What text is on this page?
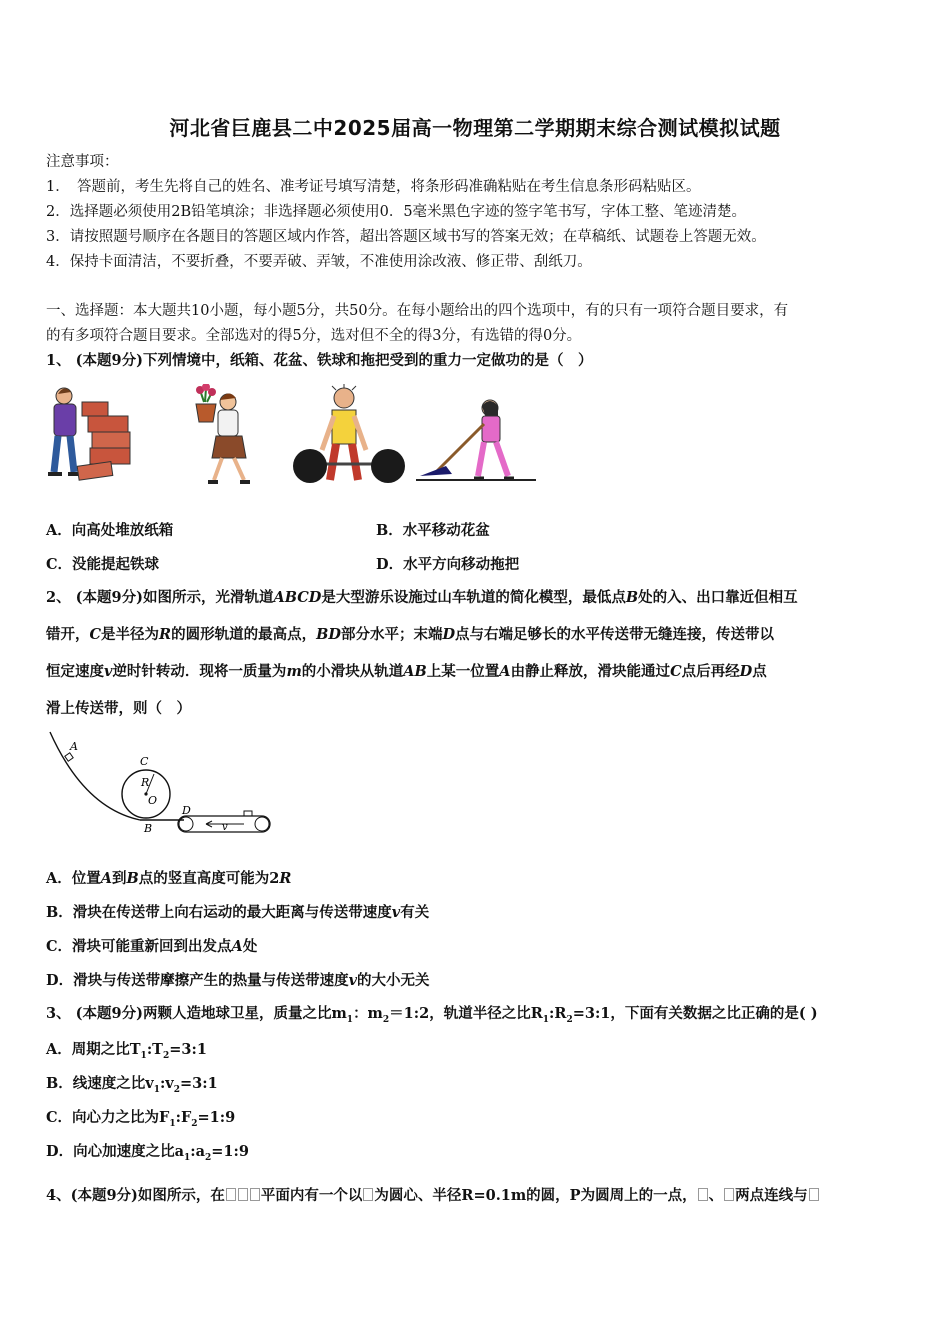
河北省巨鹿县二中2025届高一物理第二学期期末综合测试模拟试题
注意事项：
1．　答题前，考生先将自己的姓名、准考证号填写清楚，将条形码准确粘贴在考生信息条形码粘贴区。
2．选择题必须使用2B铅笔填涂；非选择题必须使用0．5毫米黑色字迹的签字笔书写，字体工整、笔迹清楚。
3．请按照题号顺序在各题目的答题区域内作答，超出答题区域书写的答案无效；在草稿纸、试题卷上答题无效。
4．保持卡面清洁，不要折叠，不要弄破、弄皱，不准使用涂改液、修正带、刮纸刀。
一、选择题：本大题共10小题，每小题5分，共50分。在每小题给出的四个选项中，有的只有一项符合题目要求，有
的有多项符合题目要求。全部选对的得5分，选对但不全的得3分，有选错的得0分。
1、 (本题9分)下列情境中，纸箱、花盆、铁球和拖把受到的重力一定做功的是（　）
A．向高处堆放纸箱	B．水平移动花盆
C．没能提起铁球	D．水平方向移动拖把
2、 (本题9分)如图所示，光滑轨道ABCD是大型游乐设施过山车轨道的简化模型，最低点B处的入、出口靠近但相互
错开，C是半径为R的圆形轨道的最高点，BD部分水平；末端D点与右端足够长的水平传送带无缝连接，传送带以
恒定速度v逆时针转动．现将一质量为m的小滑块从轨道AB上某一位置A由静止释放，滑块能通过C点后再经D点
滑上传送带，则（　）
A
C
R
O
D
B	v
A．位置A到B点的竖直高度可能为2R
B．滑块在传送带上向右运动的最大距离与传送带速度v有关
C．滑块可能重新回到出发点A处
D．滑块与传送带摩擦产生的热量与传送带速度v的大小无关
3、 (本题9分)两颗人造地球卫星，质量之比$m_1$：$m_2=1:2$，轨道半径之比$R_1:R_2=3:1$，下面有关数据之比正确的是( )
A．周期之比$T_1:T_2=3:1$
B．线速度之比$v_1:v_2=3:1$
C．向心力之比为$F_1:F_2=1:9$
D．向心加速度之比$a_1:a_2=1:9$
4、(本题9分)如图所示，在 平面内有一个以 为圆心、半径R=0.1m的圆，P为圆周上的一点， 、 两点连线与
